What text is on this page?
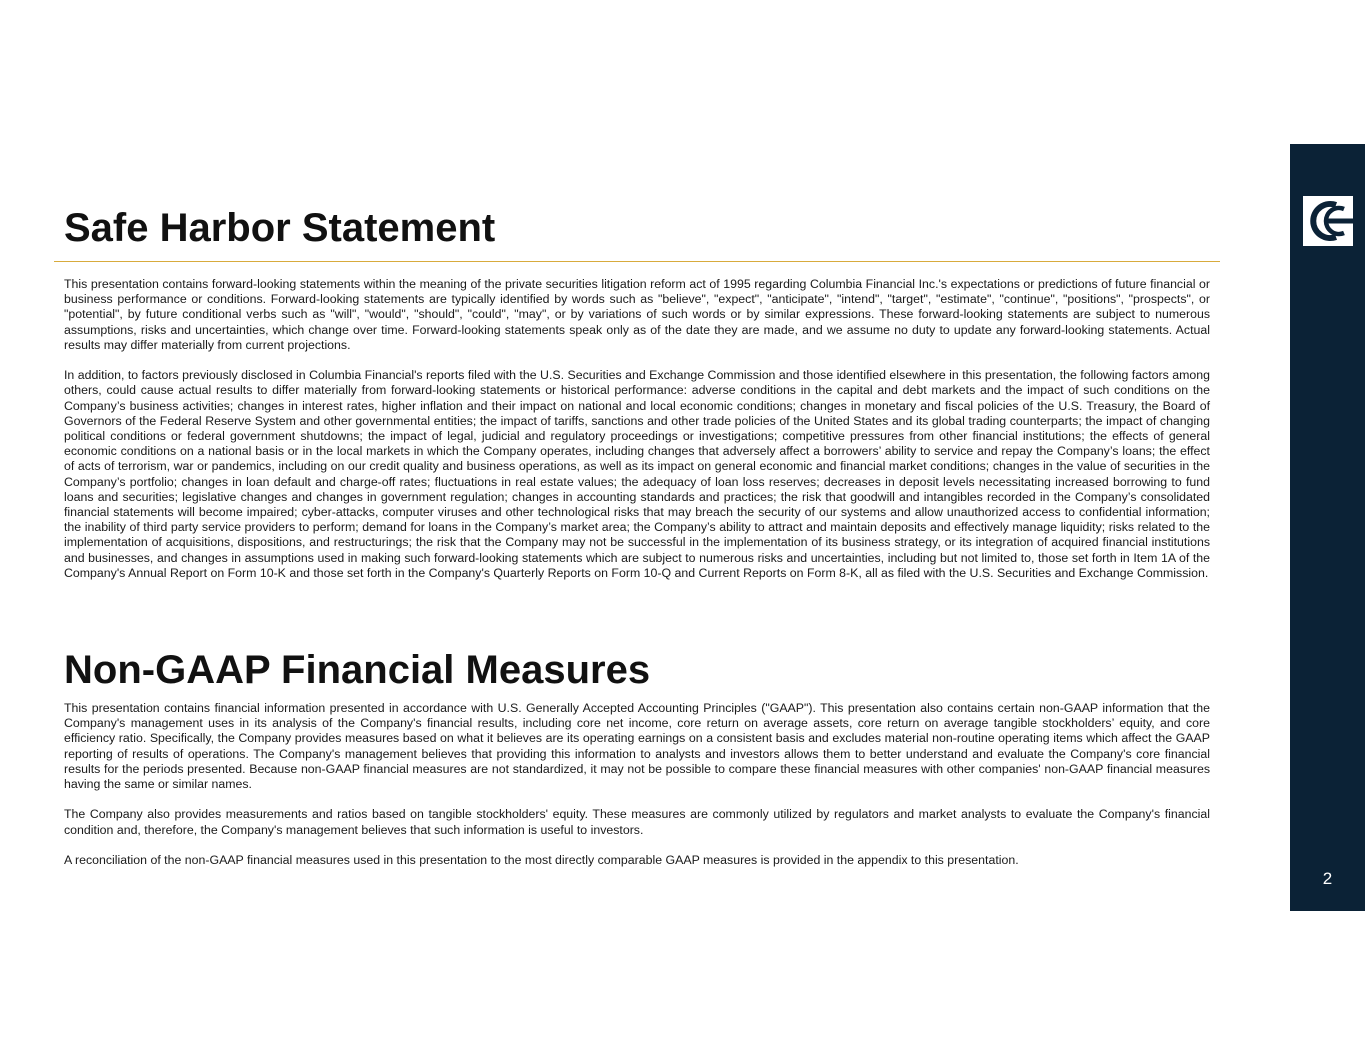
Safe Harbor Statement

This presentation contains forward-looking statements within the meaning of the private securities litigation reform act of 1995 regarding Columbia Financial Inc.'s expectations or predictions of future financial or business performance or conditions. Forward-looking statements are typically identified by words such as "believe", "expect", "anticipate", "intend", "target", "estimate", "continue", "positions", "prospects", or "potential", by future conditional verbs such as "will", "would", "should", "could", "may", or by variations of such words or by similar expressions. These forward-looking statements are subject to numerous assumptions, risks and uncertainties, which change over time. Forward-looking statements speak only as of the date they are made, and we assume no duty to update any forward-looking statements. Actual results may differ materially from current projections.

In addition, to factors previously disclosed in Columbia Financial's reports filed with the U.S. Securities and Exchange Commission and those identified elsewhere in this presentation, the following factors among others, could cause actual results to differ materially from forward-looking statements or historical performance: adverse conditions in the capital and debt markets and the impact of such conditions on the Company’s business activities; changes in interest rates, higher inflation and their impact on national and local economic conditions; changes in monetary and fiscal policies of the U.S. Treasury, the Board of Governors of the Federal Reserve System and other governmental entities; the impact of tariffs, sanctions and other trade policies of the United States and its global trading counterparts; the impact of changing political conditions or federal government shutdowns; the impact of legal, judicial and regulatory proceedings or investigations; competitive pressures from other financial institutions; the effects of general economic conditions on a national basis or in the local markets in which the Company operates, including changes that adversely affect a borrowers’ ability to service and repay the Company’s loans; the effect of acts of terrorism, war or pandemics, including on our credit quality and business operations, as well as its impact on general economic and financial market conditions; changes in the value of securities in the Company’s portfolio; changes in loan default and charge-off rates; fluctuations in real estate values; the adequacy of loan loss reserves; decreases in deposit levels necessitating increased borrowing to fund loans and securities; legislative changes and changes in government regulation; changes in accounting standards and practices; the risk that goodwill and intangibles recorded in the Company’s consolidated financial statements will become impaired; cyber-attacks, computer viruses and other technological risks that may breach the security of our systems and allow unauthorized access to confidential information; the inability of third party service providers to perform; demand for loans in the Company’s market area; the Company’s ability to attract and maintain deposits and effectively manage liquidity; risks related to the implementation of acquisitions, dispositions, and restructurings; the risk that the Company may not be successful in the implementation of its business strategy, or its integration of acquired financial institutions and businesses, and changes in assumptions used in making such forward-looking statements which are subject to numerous risks and uncertainties, including but not limited to, those set forth in Item 1A of the Company's Annual Report on Form 10-K and those set forth in the Company's Quarterly Reports on Form 10-Q and Current Reports on Form 8-K, all as filed with the U.S. Securities and Exchange Commission.

Non-GAAP Financial Measures

This presentation contains financial information presented in accordance with U.S. Generally Accepted Accounting Principles ("GAAP"). This presentation also contains certain non-GAAP information that the Company's management uses in its analysis of the Company's financial results, including core net income, core return on average assets, core return on average tangible stockholders’ equity, and core efficiency ratio. Specifically, the Company provides measures based on what it believes are its operating earnings on a consistent basis and excludes material non-routine operating items which affect the GAAP reporting of results of operations. The Company's management believes that providing this information to analysts and investors allows them to better understand and evaluate the Company's core financial results for the periods presented. Because non-GAAP financial measures are not standardized, it may not be possible to compare these financial measures with other companies' non-GAAP financial measures having the same or similar names.

The Company also provides measurements and ratios based on tangible stockholders' equity. These measures are commonly utilized by regulators and market analysts to evaluate the Company's financial condition and, therefore, the Company's management believes that such information is useful to investors.

A reconciliation of the non-GAAP financial measures used in this presentation to the most directly comparable GAAP measures is provided in the appendix to this presentation.

2
